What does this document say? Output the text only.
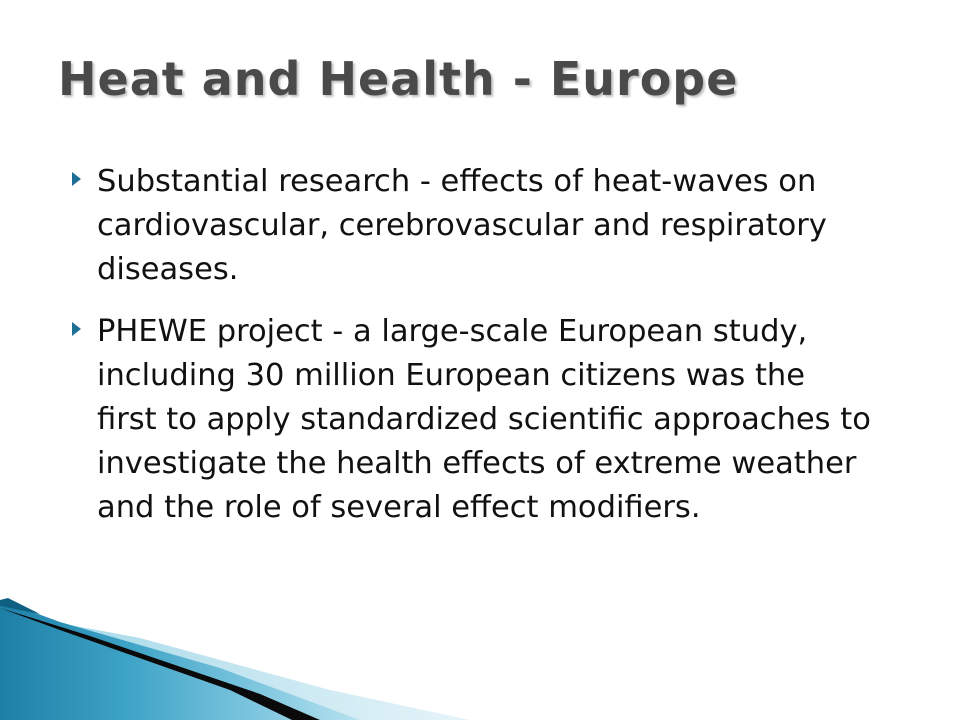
Heat and Health - Europe
Substantial research - effects of heat-waves on cardiovascular, cerebrovascular and respiratory diseases.
PHEWE project - a large-scale European study, including 30 million European citizens was the first to apply standardized scientific approaches to investigate the health effects of extreme weather and the role of several effect modifiers.
